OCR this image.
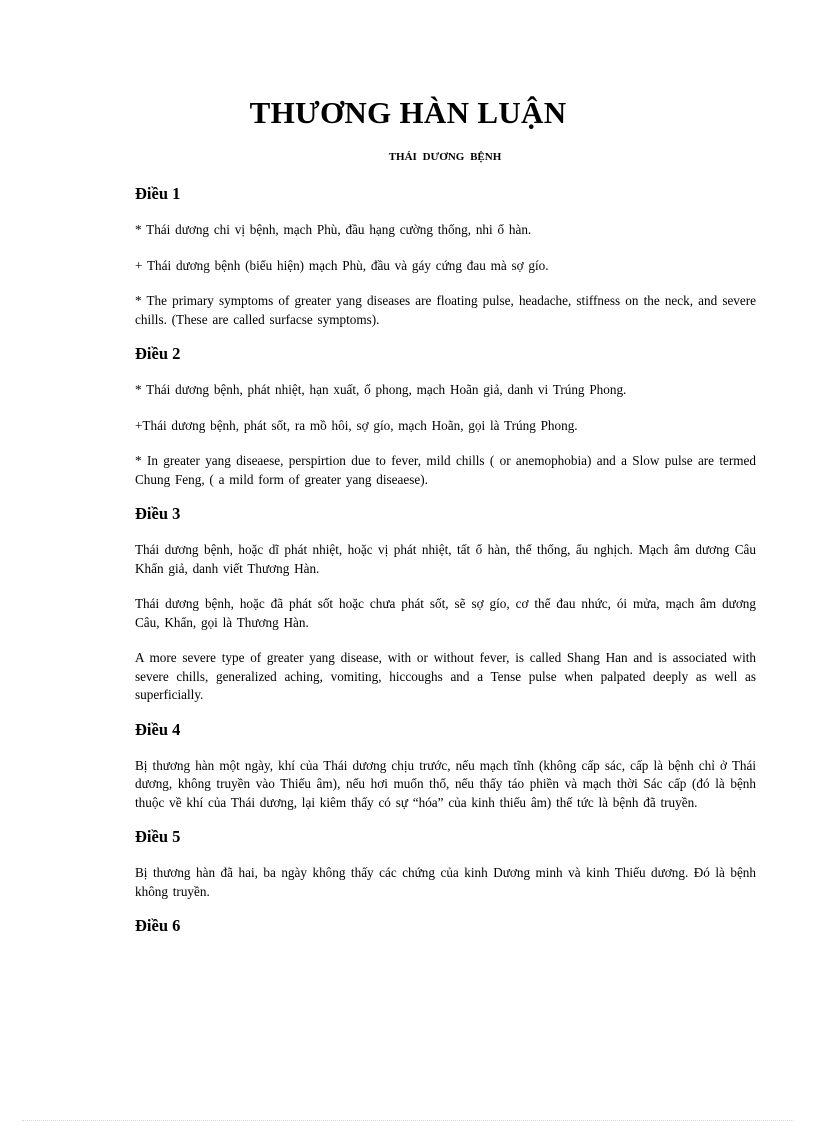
THƯƠNG HÀN LUẬN
THÁI DƯƠNG BỆNH
Điều 1

* Thái dương chi vị bệnh, mạch Phù, đầu hạng cường thống, nhi ố hàn.

+ Thái dương bệnh (biểu hiện) mạch Phù, đầu và gáy cứng đau mà sợ gío.

* The primary symptoms of greater yang diseases are floating pulse, headache, stiffness on the neck, and severe chills. (These are called surfacse symptoms).

Điều 2

* Thái dương bệnh, phát nhiệt, hạn xuất, ố phong, mạch Hoãn giả, danh vi Trúng Phong.

+Thái dương bệnh, phát sốt, ra mồ hôi, sợ gío, mạch Hoãn, gọi là Trúng Phong.

* In greater yang diseaese, perspirtion due to fever, mild chills ( or anemophobia) and a Slow pulse are termed Chung Feng, ( a mild form of greater yang diseaese).

Điều 3

Thái dương bệnh, hoặc dĩ phát nhiệt, hoặc vị phát nhiệt, tất ố hàn, thể thống, ẩu nghịch. Mạch âm dương Câu Khẩn giả, danh viết Thương Hàn.

Thái dương bệnh, hoặc đã phát sốt hoặc chưa phát sốt, sẽ sợ gío, cơ thể đau nhức, ói mửa, mạch âm dương Câu, Khẩn, gọi là Thương Hàn.

A more severe type of greater yang disease, with or without fever, is called Shang Han and is associated with severe chills, generalized aching, vomiting, hiccoughs and a Tense pulse when palpated deeply as well as superficially.

Điều 4

Bị thương hàn một ngày, khí của Thái dương chịu trước, nếu mạch tĩnh (không cấp sác, cấp là bệnh chỉ ở Thái dương, không truyền vào Thiếu âm), nếu hơi muốn thổ, nếu thấy táo phiền và mạch thời Sác cấp (đó là bệnh thuộc về khí của Thái dương, lại kiêm thấy có sự “hóa” của kinh thiếu âm) thế tức là bệnh đã truyền.

Điều 5

Bị thương hàn đã hai, ba ngày không thấy các chứng của kinh Dương minh và kinh Thiếu dương. Đó là bệnh không truyền.

Điều 6
